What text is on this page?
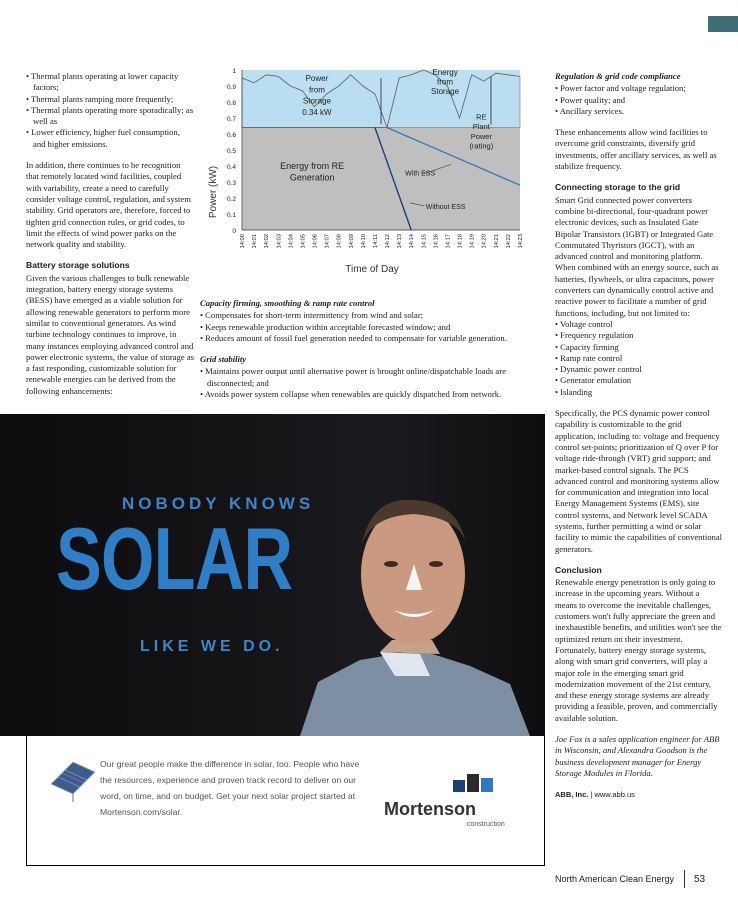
• Thermal plants operating at lower capacity factors;
• Thermal plants ramping more frequently;
• Thermal plants operating more sporadically; as well as
• Lower efficiency, higher fuel consumption, and higher emissions.

In addition, there continues to be recognition that remotely located wind facilities, coupled with variability, create a need to carefully consider voltage control, regulation, and system stability. Grid operators are, therefore, forced to tighten grid connection rules, or grid codes, to limit the effects of wind power parks on the network quality and stability.

Battery storage solutions

Given the various challenges to bulk renewable integration, battery energy storage systems (BESS) have emerged as a viable solution for allowing renewable generators to perform more similar to conventional generators. As wind turbine technology continues to improve, in many instances employing advanced control and power electronic systems, the value of storage as a fast responding, customizable solution for renewable energies can be derived from the following enhancements:

Power (kW)
Time of Day
0
0.1
0.2
0.3
0.4
0.5
0.6
0.7
0.8
0.9
1
14:00 14:01 14:02 14:03 14:04 14:05 14:06 14:07 14:08 14:09 14:10 14:11 14:12 14:13 14:14 14:15 14:16 14:17 14:18 14:19 14:20 14:21 14:22 14:23
Power
from
Storage
0.34 kW
Energy
from
Storage
RE
Plant
Power
(rating)
Energy from RE
Generation	With ESS
Without ESS
Capacity firming, smoothing & ramp rate control
• Compensates for short-term intermittency from wind and solar;
• Keeps renewable production within acceptable forecasted window; and
• Reduces amount of fossil fuel generation needed to compensate for variable generation.
Grid stability
• Maintains power output until alternative power is brought online/dispatchable loads are disconnected; and
• Avoids power system collapse when renewables are quickly dispatched from network.
Regulation & grid code compliance
• Power factor and voltage regulation;
• Power quality; and
• Ancillary services.

These enhancements allow wind facilities to overcome grid constraints, diversify grid investments, offer ancillary services, as well as stabilize frequency.

Connecting storage to the grid

Smart Grid connected power converters combine bi-directional, four-quadrant power electronic devices, such as Insulated Gate Bipolar Transistors (IGBT) or Integrated Gate Commutated Thyristors (IGCT), with an advanced control and monitoring platform. When combined with an energy source, such as batteries, flywheels, or ultra capacitors, power converters can dynamically control active and reactive power to facilitate a number of grid functions, including, but not limited to:

• Voltage control
• Frequency regulation
• Capacity firming
• Ramp rate control
• Dynamic power control
• Generator emulation
• Islanding

Specifically, the PCS dynamic power control capability is customizable to the grid application, including to: voltage and frequency control set-points; prioritization of Q over P for voltage ride-through (VRT) grid support; and market-based control signals. The PCS advanced control and monitoring systems allow for communication and integration into local Energy Management Systems (EMS), site control systems, and Network level SCADA systems, further permitting a wind or solar facility to mimic the capabilities of conventional generators.

Conclusion

Renewable energy penetration is only going to increase in the upcoming years. Without a means to overcome the inevitable challenges, customers won't fully appreciate the green and inexhaustible benefits, and utilities won't see the optimized return on their investment. Fortunately, battery energy storage systems, along with smart grid converters, will play a major role in the emerging smart grid modernization movement of the 21st century, and these energy storage systems are already providing a feasible, proven, and commercially available solution.

Joe Fox is a sales application engineer for ABB in Wisconsin, and Alexandra Goodson is the business development manager for Energy Storage Modules in Florida.

ABB, Inc. | www.abb.us
NOBODY KNOWS
SOLAR
LIKE WE DO.
Our great people make the difference in solar, too. People who have the resources, experience and proven track record to deliver on our word, on time, and on budget. Get your next solar project started at Mortenson.com/solar.	Mortenson
construction
North American Clean Energy 53
